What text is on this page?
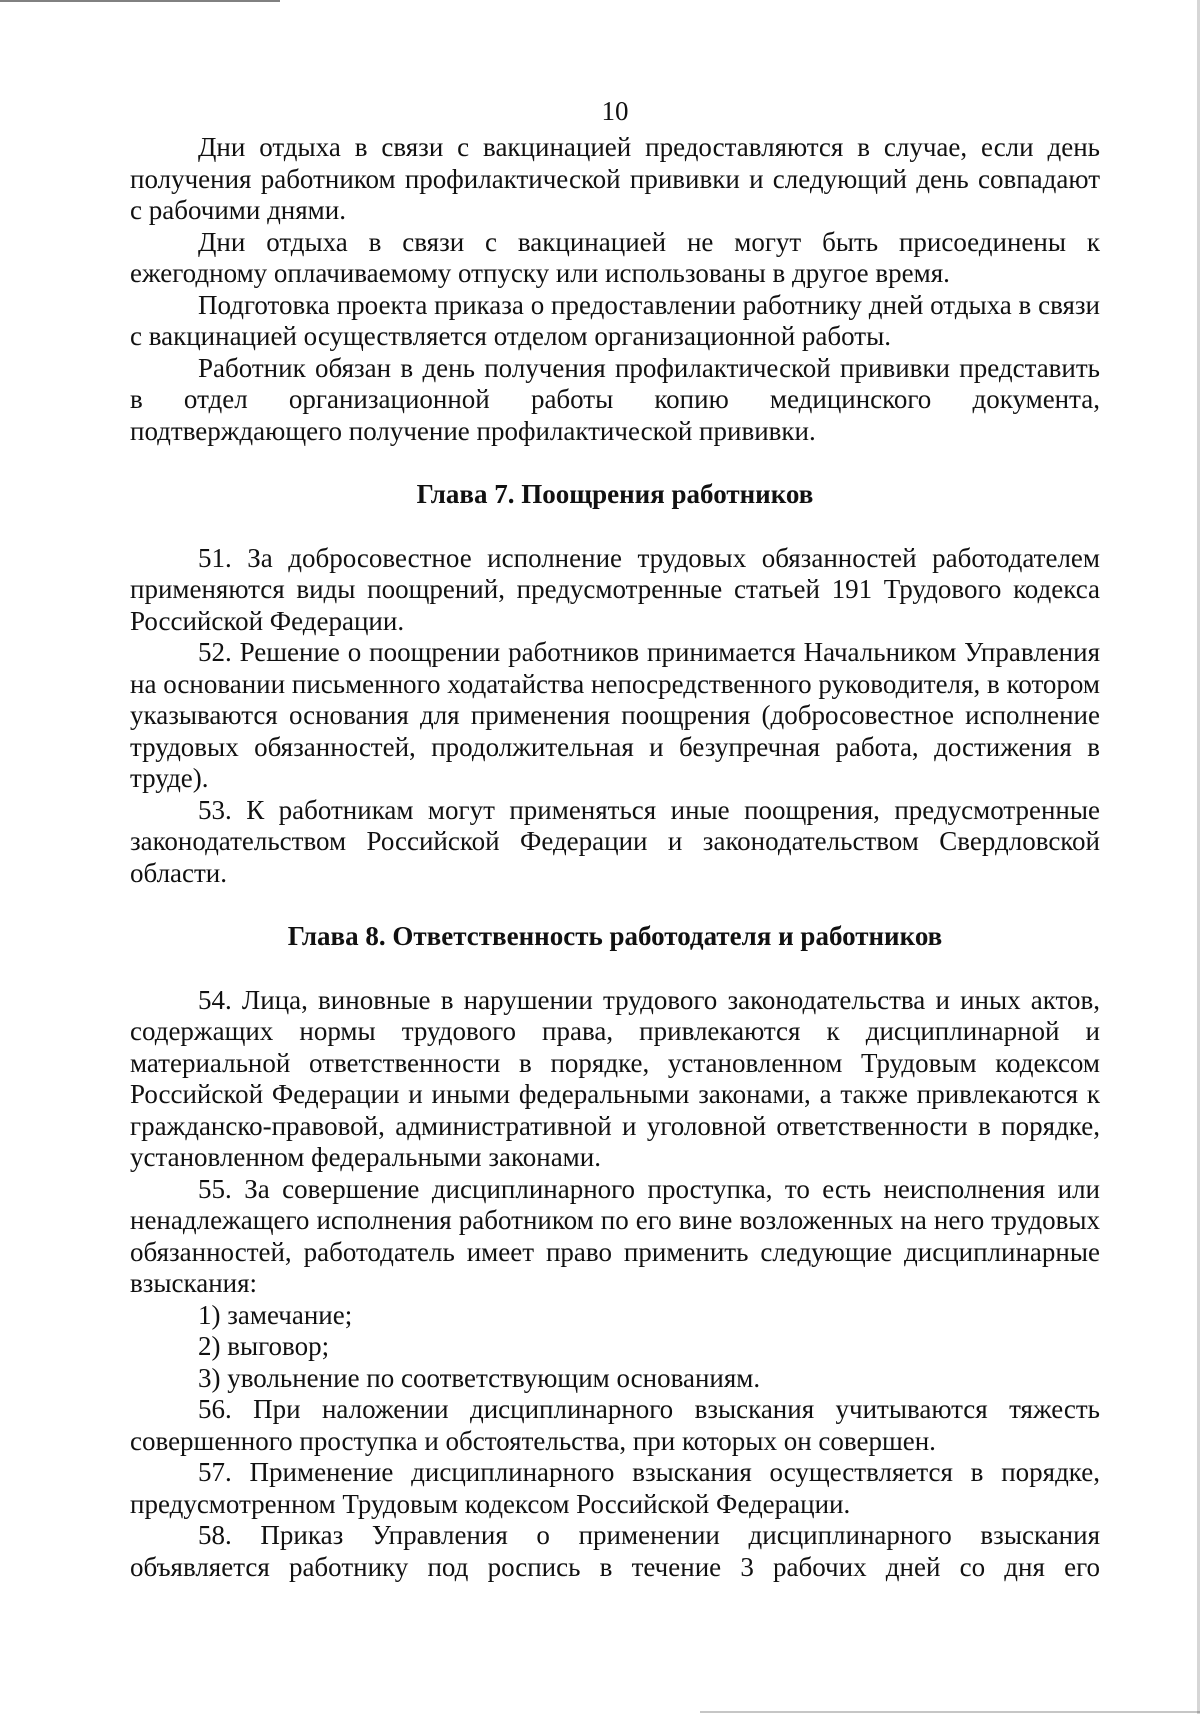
10

Дни отдыха в связи с вакцинацией предоставляются в случае, если день получения работником профилактической прививки и следующий день совпадают с рабочими днями.

Дни отдыха в связи с вакцинацией не могут быть присоединены к ежегодному оплачиваемому отпуску или использованы в другое время.

Подготовка проекта приказа о предоставлении работнику дней отдыха в связи с вакцинацией осуществляется отделом организационной работы.

Работник обязан в день получения профилактической прививки представить в отдел организационной работы копию медицинского документа, подтверждающего получение профилактической прививки.

Глава 7. Поощрения работников

51. За добросовестное исполнение трудовых обязанностей работодателем применяются виды поощрений, предусмотренные статьей 191 Трудового кодекса Российской Федерации.

52. Решение о поощрении работников принимается Начальником Управления на основании письменного ходатайства непосредственного руководителя, в котором указываются основания для применения поощрения (добросовестное исполнение трудовых обязанностей, продолжительная и безупречная работа, достижения в труде).

53. К работникам могут применяться иные поощрения, предусмотренные законодательством Российской Федерации и законодательством Свердловской области.

Глава 8. Ответственность работодателя и работников

54. Лица, виновные в нарушении трудового законодательства и иных актов, содержащих нормы трудового права, привлекаются к дисциплинарной и материальной ответственности в порядке, установленном Трудовым кодексом Российской Федерации и иными федеральными законами, а также привлекаются к гражданско-правовой, административной и уголовной ответственности в порядке, установленном федеральными законами.

55. За совершение дисциплинарного проступка, то есть неисполнения или ненадлежащего исполнения работником по его вине возложенных на него трудовых обязанностей, работодатель имеет право применить следующие дисциплинарные взыскания:

1) замечание;

2) выговор;

3) увольнение по соответствующим основаниям.

56. При наложении дисциплинарного взыскания учитываются тяжесть совершенного проступка и обстоятельства, при которых он совершен.

57. Применение дисциплинарного взыскания осуществляется в порядке, предусмотренном Трудовым кодексом Российской Федерации.

58. Приказ Управления о применении дисциплинарного взыскания объявляется работнику под роспись в течение 3 рабочих дней со дня его
